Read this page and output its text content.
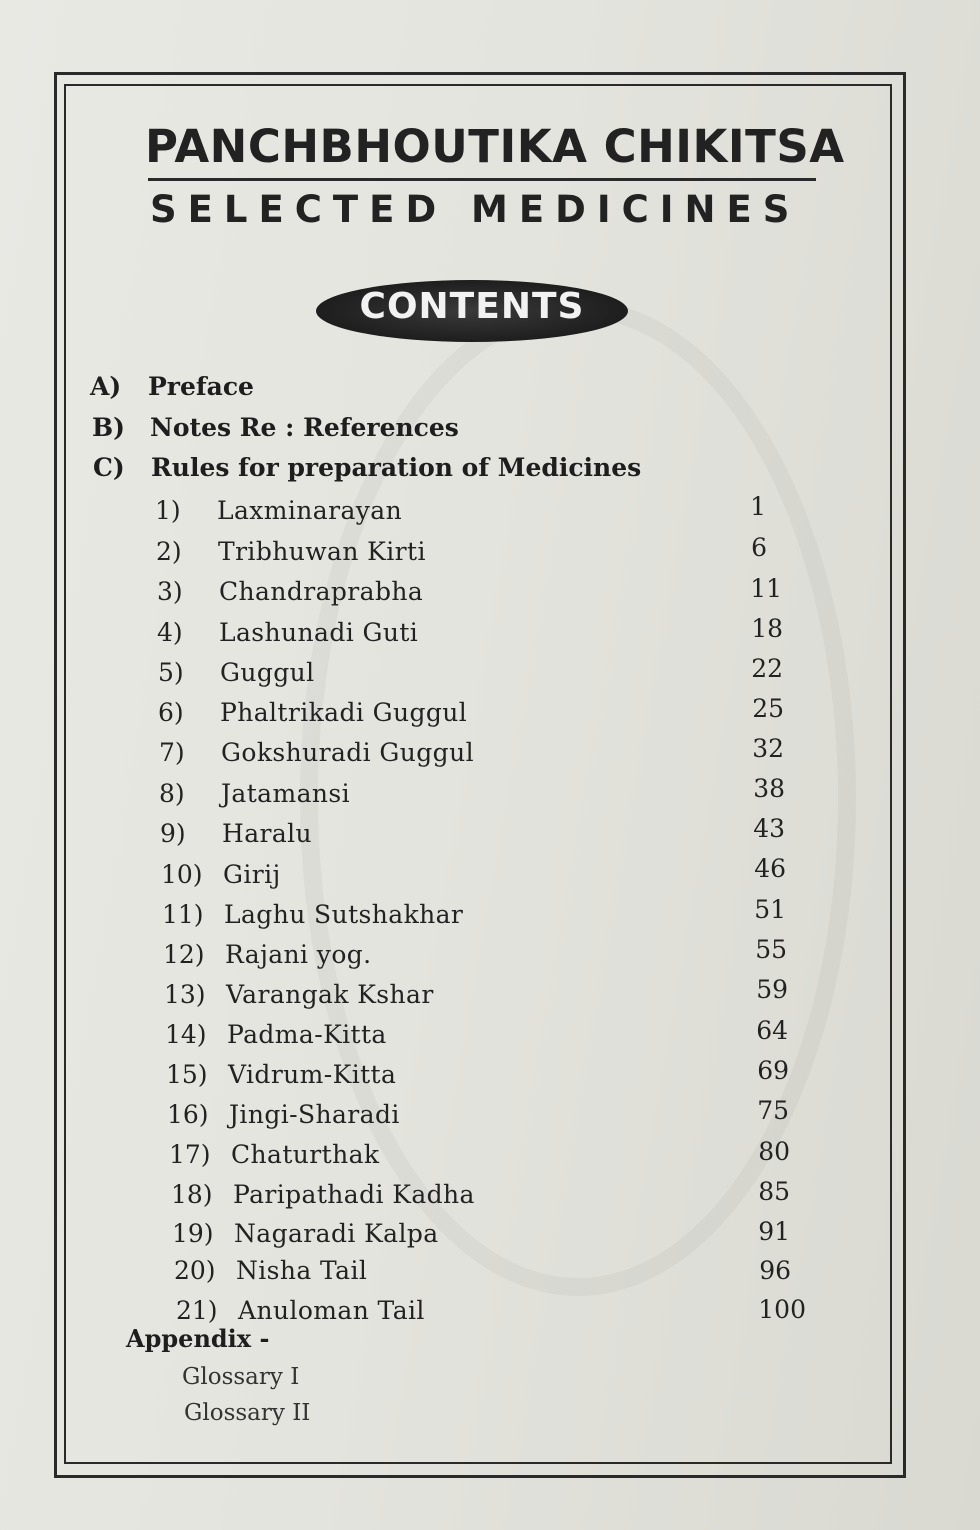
PANCHBHOUTIKA CHIKITSA
SELECTED MEDICINES
CONTENTS
A) Preface
B) Notes Re : References
C) Rules for preparation of Medicines
1)	Laxminarayan	1
2)	Tribhuwan Kirti	6
3)	Chandraprabha	11
4)	Lashunadi Guti	18
5)	Guggul	22
6)	Phaltrikadi Guggul	25
7)	Gokshuradi Guggul	32
8)	Jatamansi	38
9)	Haralu	43
10) Girij	46
11) Laghu Sutshakhar	51
12) Rajani yog.	55
13) Varangak Kshar	59
14) Padma-Kitta	64
15) Vidrum-Kitta	69
16) Jingi-Sharadi	75
17) Chaturthak	80
18) Paripathadi Kadha	85
19) Nagaradi Kalpa	91
20) Nisha Tail	96
21) Anuloman Tail	100
Appendix -
Glossary I
Glossary II
